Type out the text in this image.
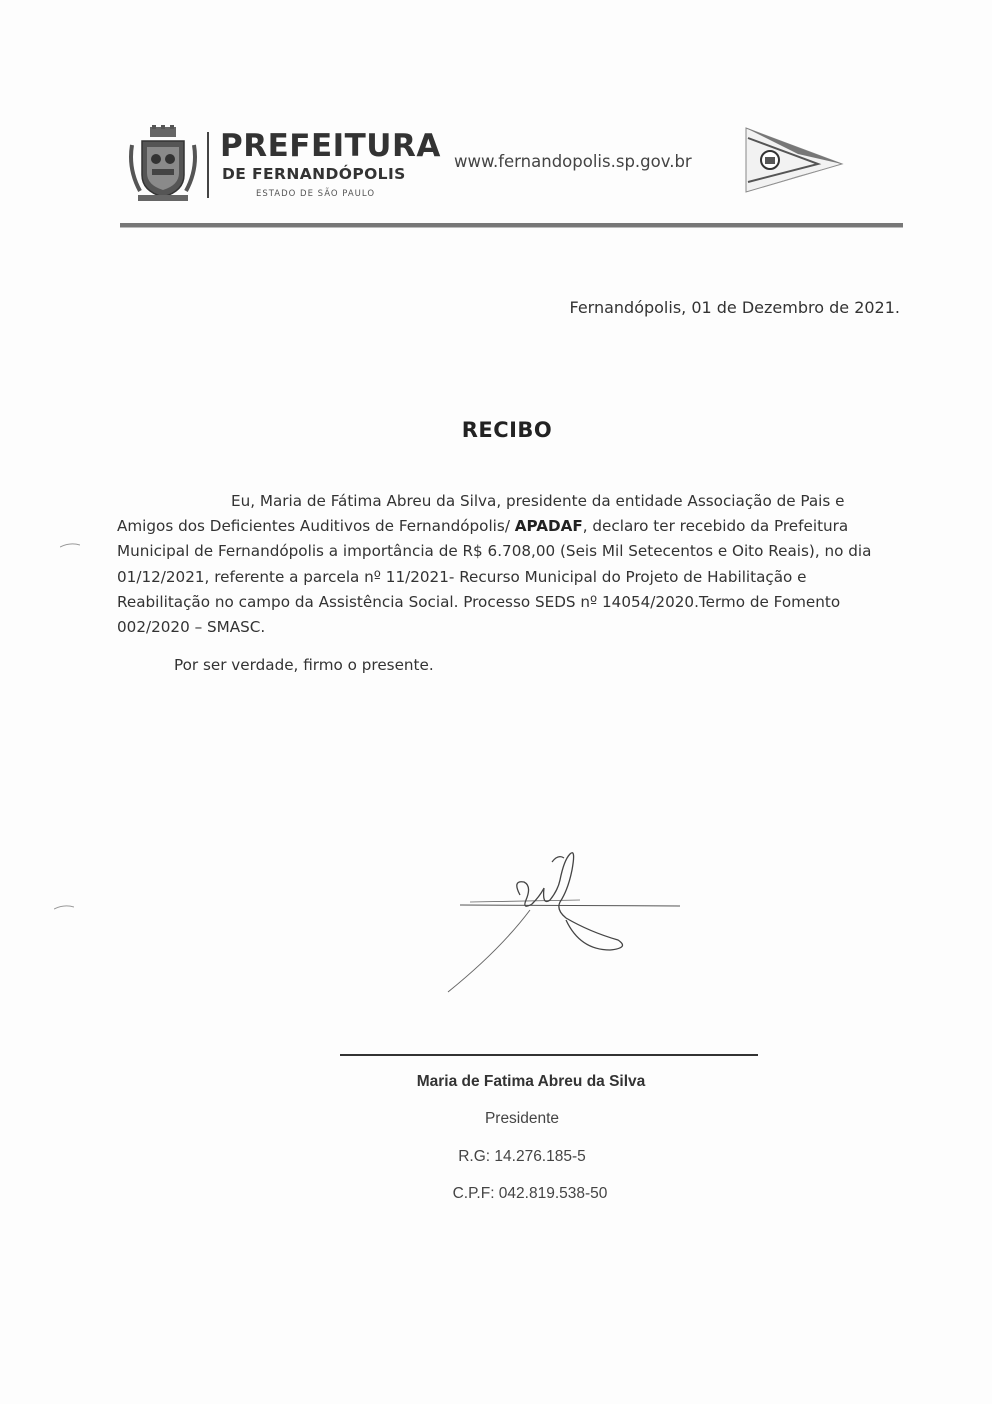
PREFEITURA
DE FERNANDÓPOLIS
ESTADO DE SÃO PAULO
www.fernandopolis.sp.gov.br
Fernandópolis, 01 de Dezembro de 2021.
RECIBO
Eu, Maria de Fátima Abreu da Silva, presidente da entidade Associação de Pais e
Amigos dos Deficientes Auditivos de Fernandópolis/ APADAF, declaro ter recebido da Prefeitura
Municipal de Fernandópolis a importância de R$ 6.708,00 (Seis Mil Setecentos e Oito Reais), no dia
01/12/2021, referente a parcela nº 11/2021- Recurso Municipal do Projeto de Habilitação e
Reabilitação no campo da Assistência Social. Processo SEDS nº 14054/2020.Termo de Fomento
002/2020 – SMASC.
Por ser verdade, firmo o presente.
Maria de Fatima Abreu da Silva
Presidente
R.G: 14.276.185-5
C.P.F: 042.819.538-50
